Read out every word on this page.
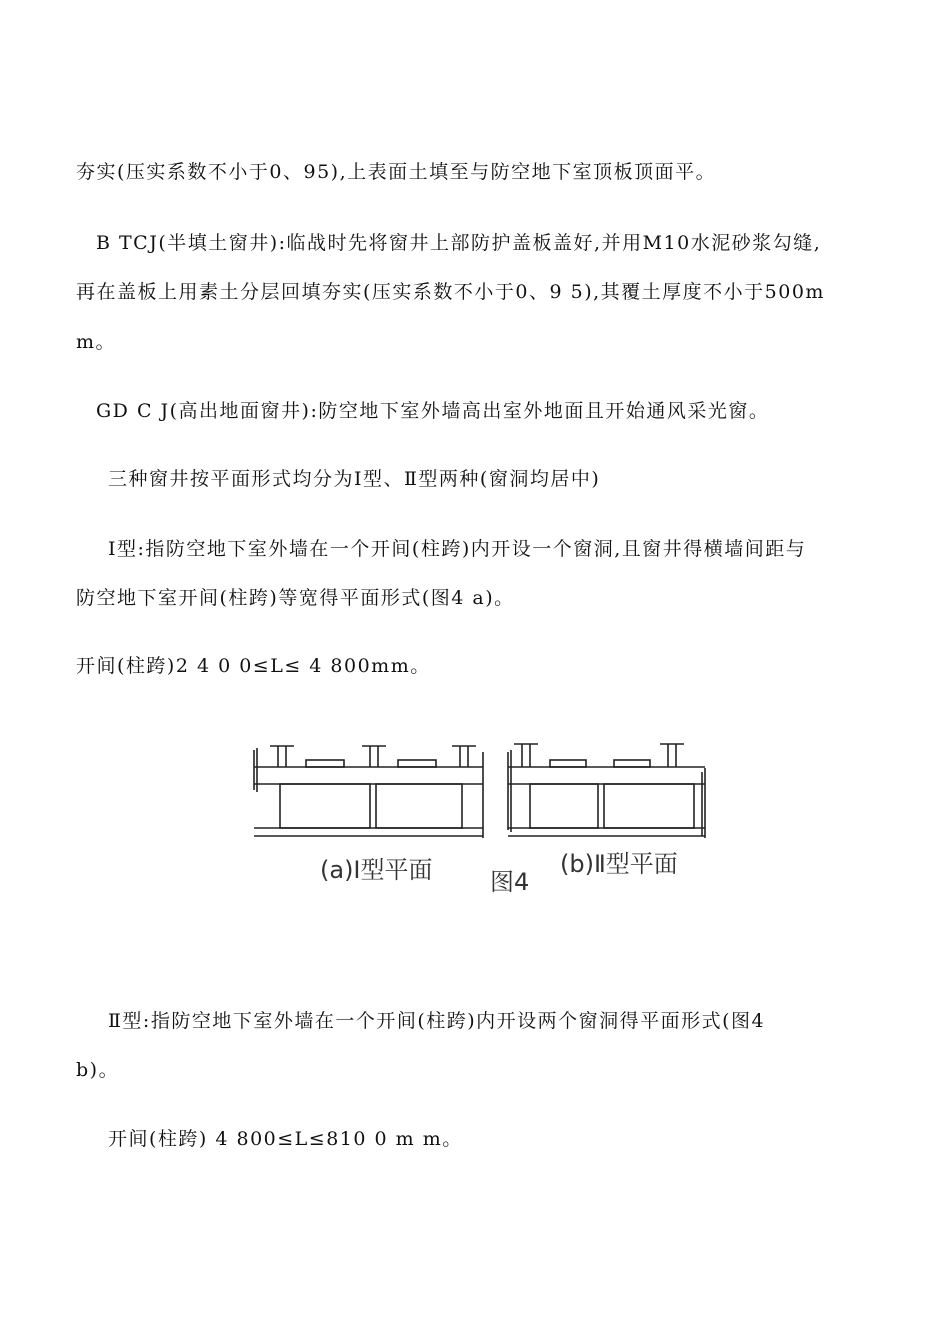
夯实(压实系数不小于0、95),上表面土填至与防空地下室顶板顶面平。
B TCJ(半填土窗井):临战时先将窗井上部防护盖板盖好,并用M10水泥砂浆勾缝,
再在盖板上用素土分层回填夯实(压实系数不小于0、9 5),其覆土厚度不小于500m
m。
GD C J(高出地面窗井):防空地下室外墙高出室外地面且开始通风采光窗。
三种窗井按平面形式均分为Ⅰ型、Ⅱ型两种(窗洞均居中)
Ⅰ型:指防空地下室外墙在一个开间(柱跨)内开设一个窗洞,且窗井得横墙间距与
防空地下室开间(柱跨)等宽得平面形式(图4 a)。
开间(柱跨)2 4 0 0≤L≤ 4 800mm。
(a)Ⅰ型平面 图4
(b)Ⅱ型平面
Ⅱ型:指防空地下室外墙在一个开间(柱跨)内开设两个窗洞得平面形式(图4
b)。
开间(柱跨) 4 800≤L≤810 0 m m。
